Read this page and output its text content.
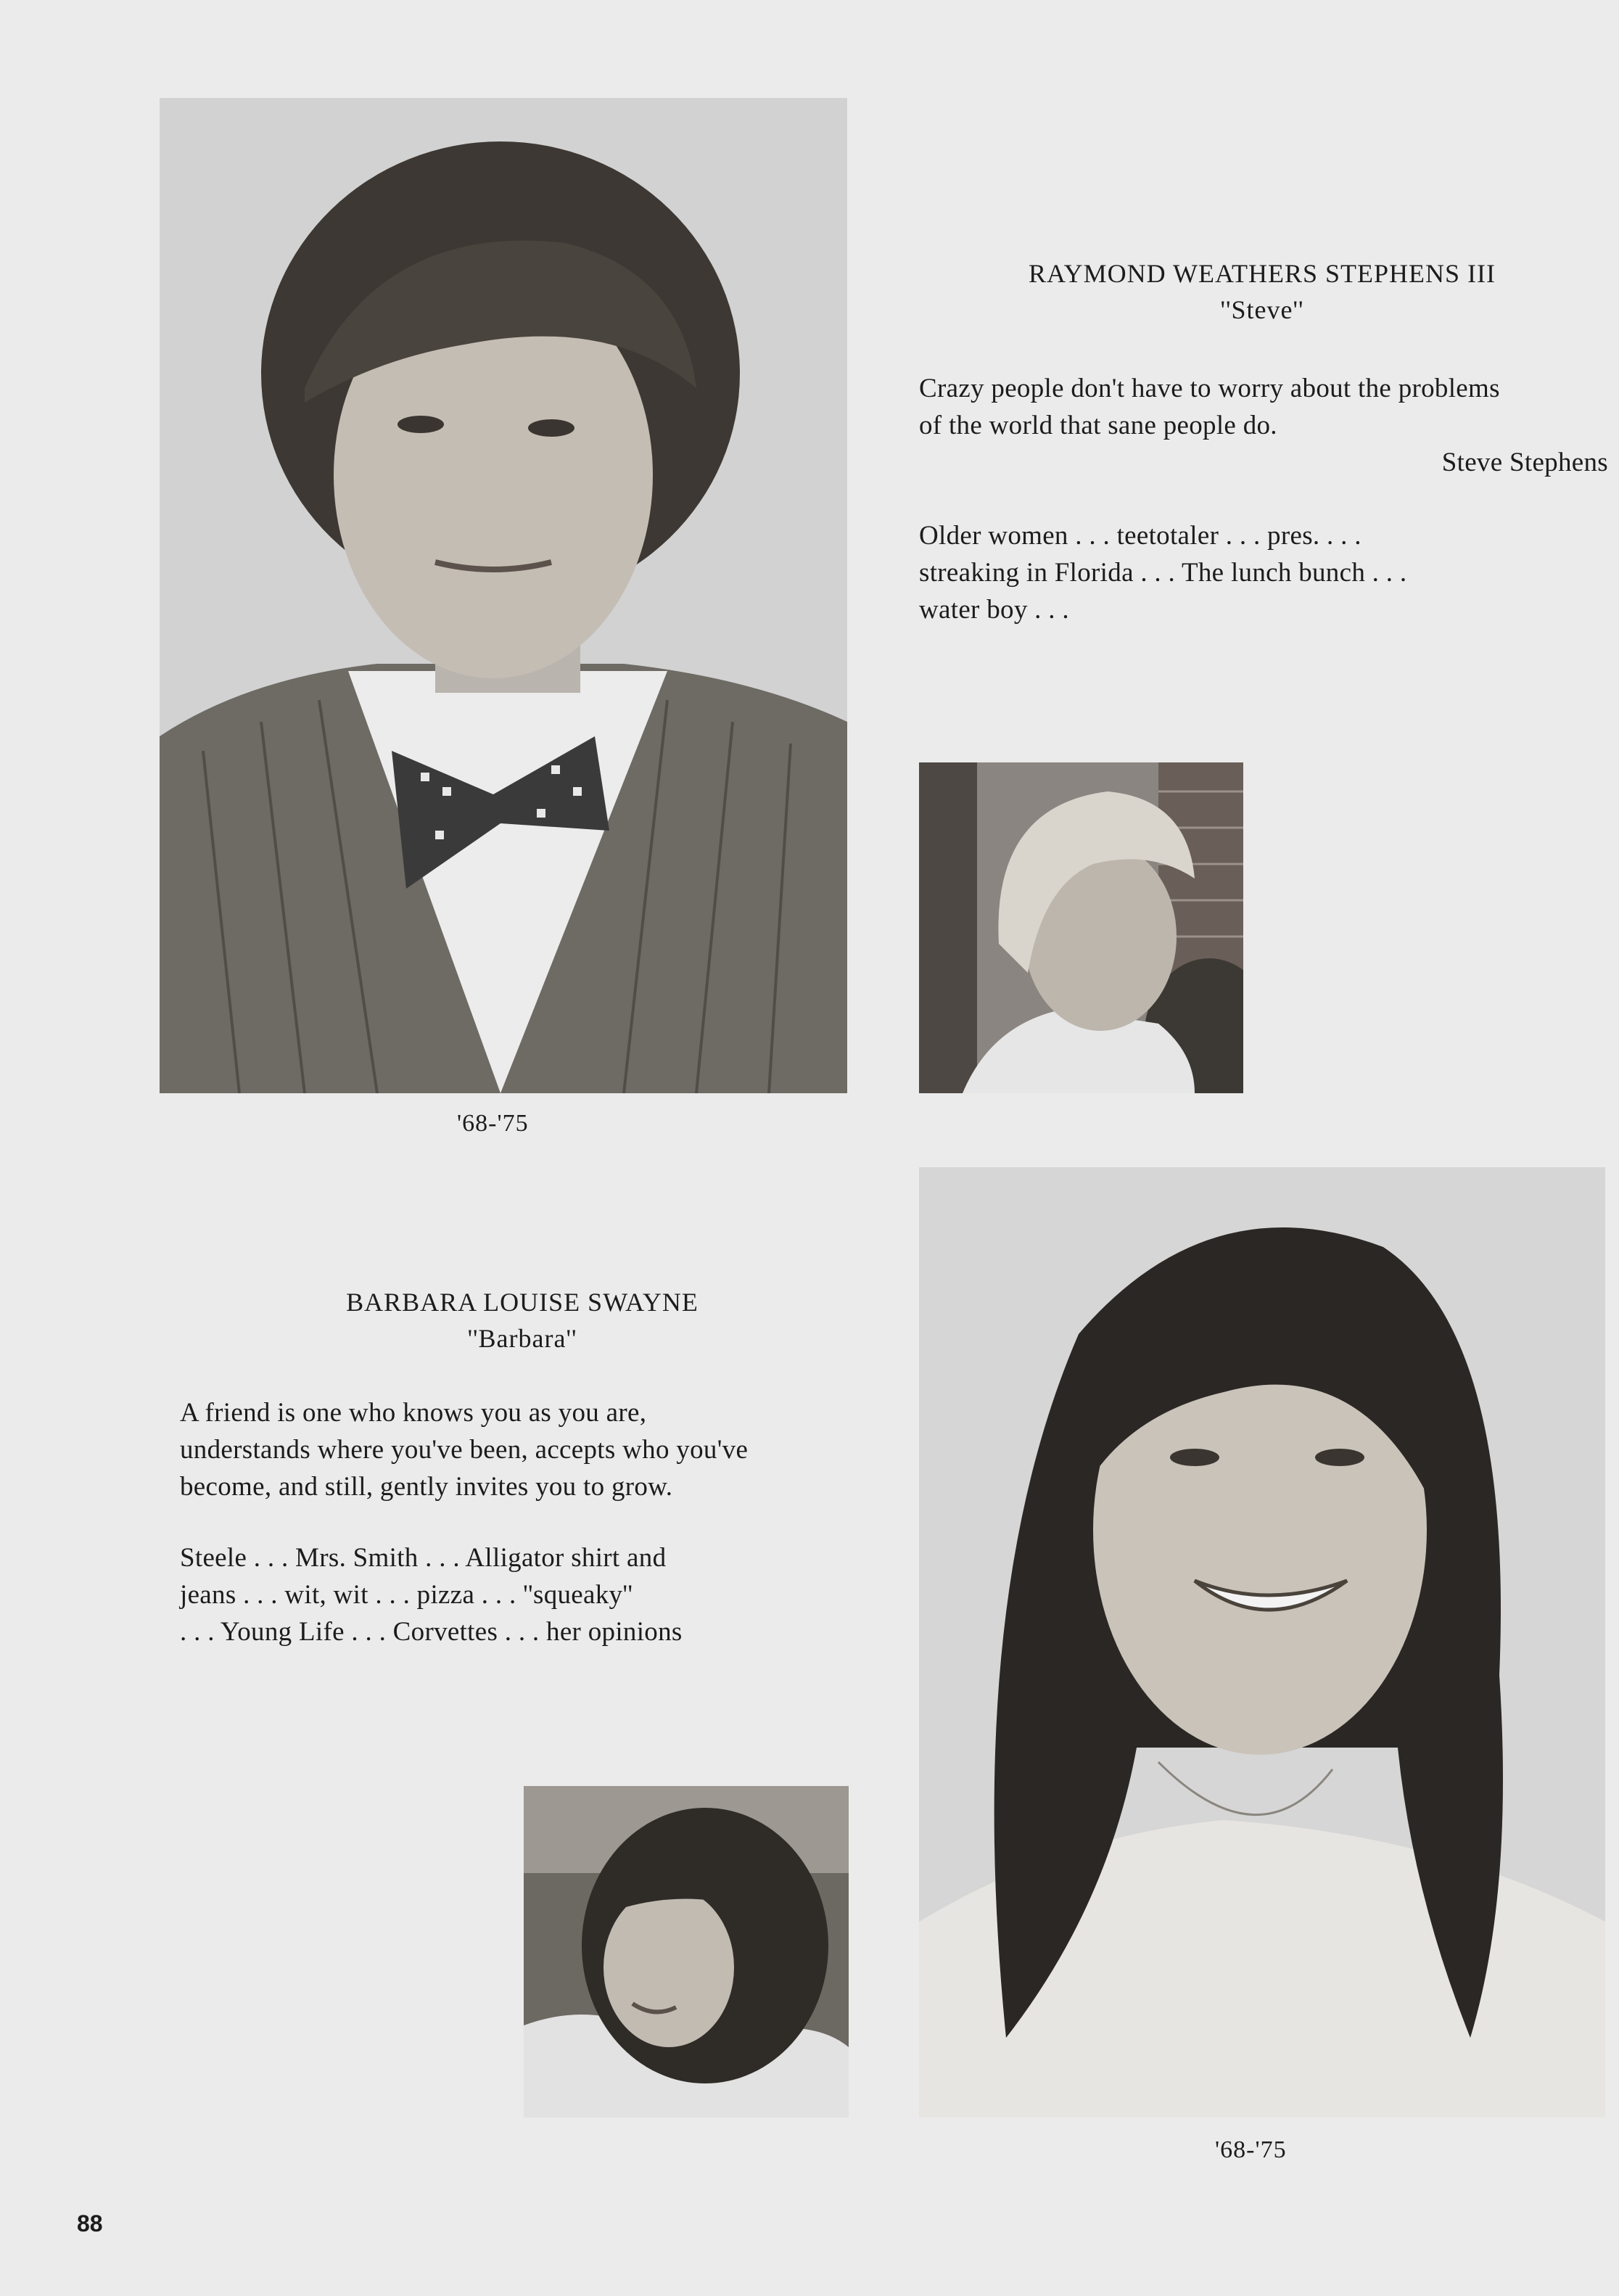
'68-'75
RAYMOND WEATHERS STEPHENS III
''Steve''
Crazy people don't have to worry about the problems
of the world that sane people do.
Steve Stephens
Older women . . . teetotaler . . . pres. . . .
streaking in Florida . . . The lunch bunch . . .
water boy . . .
BARBARA LOUISE SWAYNE
''Barbara''
A friend is one who knows you as you are,
understands where you've been, accepts who you've
become, and still, gently invites you to grow.
Steele . . . Mrs. Smith . . . Alligator shirt and
jeans . . . wit, wit . . . pizza . . . ''squeaky''
. . . Young Life . . . Corvettes . . . her opinions
'68-'75
88
